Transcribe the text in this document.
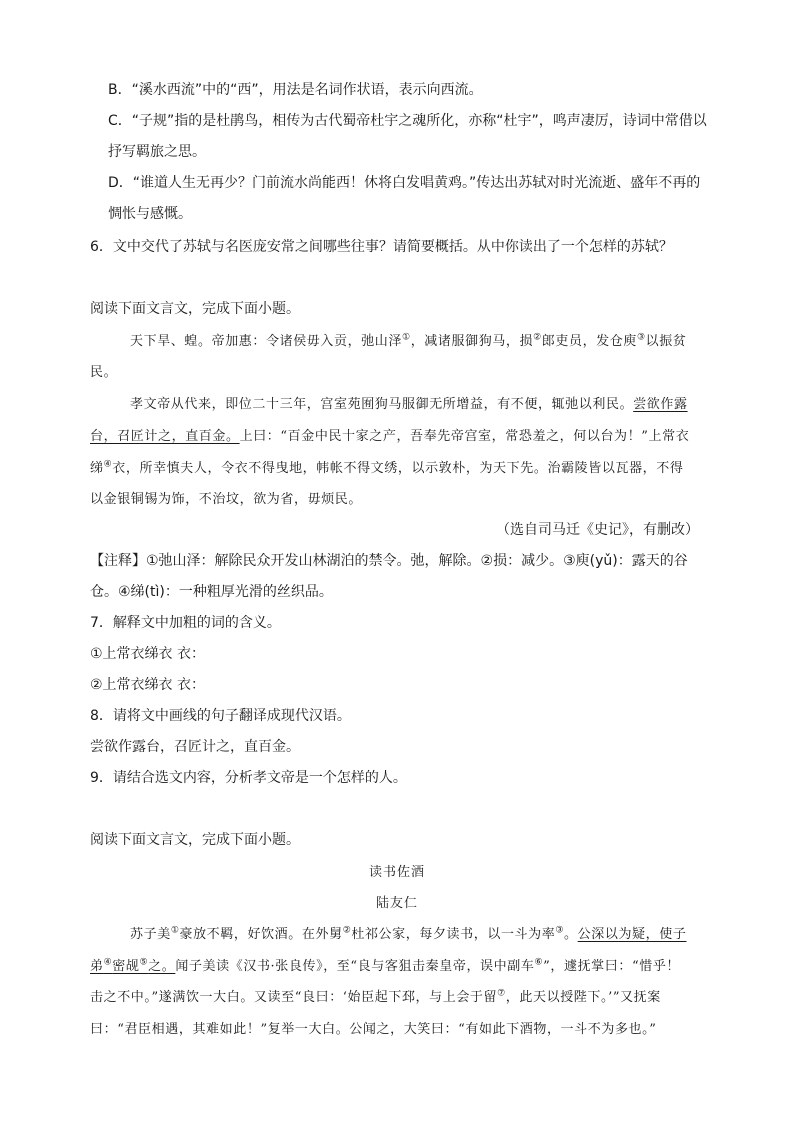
B．“溪水西流”中的“西”，用法是名词作状语，表示向西流。
C．“子规”指的是杜鹃鸟，相传为古代蜀帝杜宇之魂所化，亦称“杜宇”，鸣声凄厉，诗词中常借以
抒写羁旅之思。
D．“谁道人生无再少？门前流水尚能西！休将白发唱黄鸡。”传达出苏轼对时光流逝、盛年不再的
惆怅与感慨。
6．文中交代了苏轼与名医庞安常之间哪些往事？请简要概括。从中你读出了一个怎样的苏轼？
阅读下面文言文，完成下面小题。
天下旱、蝗。帝加惠：令诸侯毋入贡，弛山泽①，减诸服御狗马，损②郎吏员，发仓庾③以振贫
民。
孝文帝从代来，即位二十三年，宫室苑囿狗马服御无所增益，有不便，辄弛以利民。尝欲作露
台，召匠计之，直百金。上曰：“百金中民十家之产，吾奉先帝宫室，常恐羞之，何以台为！”上常衣
绨④衣，所幸慎夫人，令衣不得曳地，帏帐不得文绣，以示敦朴，为天下先。治霸陵皆以瓦器，不得
以金银铜锡为饰，不治坟，欲为省，毋烦民。
（选自司马迁《史记》，有删改）
【注释】①弛山泽：解除民众开发山林湖泊的禁令。弛，解除。②损：减少。③庾(yǔ)：露天的谷
仓。④绨(tì)：一种粗厚光滑的丝织品。
7．解释文中加粗的词的含义。
①上常衣绨衣 衣：
②上常衣绨衣 衣：
8．请将文中画线的句子翻译成现代汉语。
尝欲作露台，召匠计之，直百金。
9．请结合选文内容，分析孝文帝是一个怎样的人。
阅读下面文言文，完成下面小题。
读书佐酒
陆友仁
苏子美①豪放不羁，好饮酒。在外舅②杜祁公家，每夕读书，以一斗为率③。公深以为疑，使子
弟④密觇⑤之。闻子美读《汉书·张良传》，至“良与客狙击秦皇帝，误中副车⑥”，遽抚掌曰：“惜乎！
击之不中。”遂满饮一大白。又读至“良曰：‘始臣起下邳，与上会于留⑦，此天以授陛下。’”又抚案
曰：“君臣相遇，其难如此！”复举一大白。公闻之，大笑曰：“有如此下酒物，一斗不为多也。”
